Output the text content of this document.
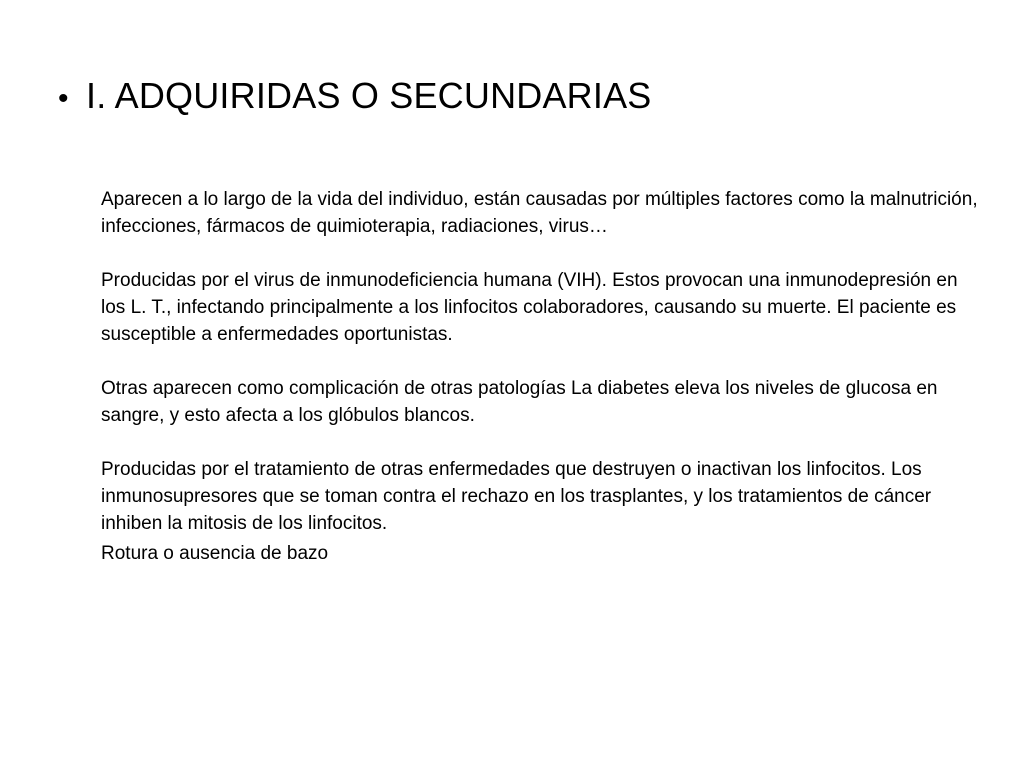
• I. ADQUIRIDAS O SECUNDARIAS

Aparecen a lo largo de la vida del individuo, están causadas por múltiples factores como la malnutrición, infecciones, fármacos de quimioterapia, radiaciones, virus…

Producidas por el virus de inmunodeficiencia humana (VIH). Estos provocan una inmunodepresión en los L. T., infectando principalmente a los linfocitos colaboradores, causando su muerte. El paciente es susceptible a enfermedades oportunistas.

Otras aparecen como complicación de otras patologías La diabetes eleva los niveles de glucosa en sangre, y esto afecta a los glóbulos blancos.

Producidas por el tratamiento de otras enfermedades que destruyen o inactivan los linfocitos. Los inmunosupresores que se toman contra el rechazo en los trasplantes, y los tratamientos de cáncer inhiben la mitosis de los linfocitos.

Rotura o ausencia de bazo
